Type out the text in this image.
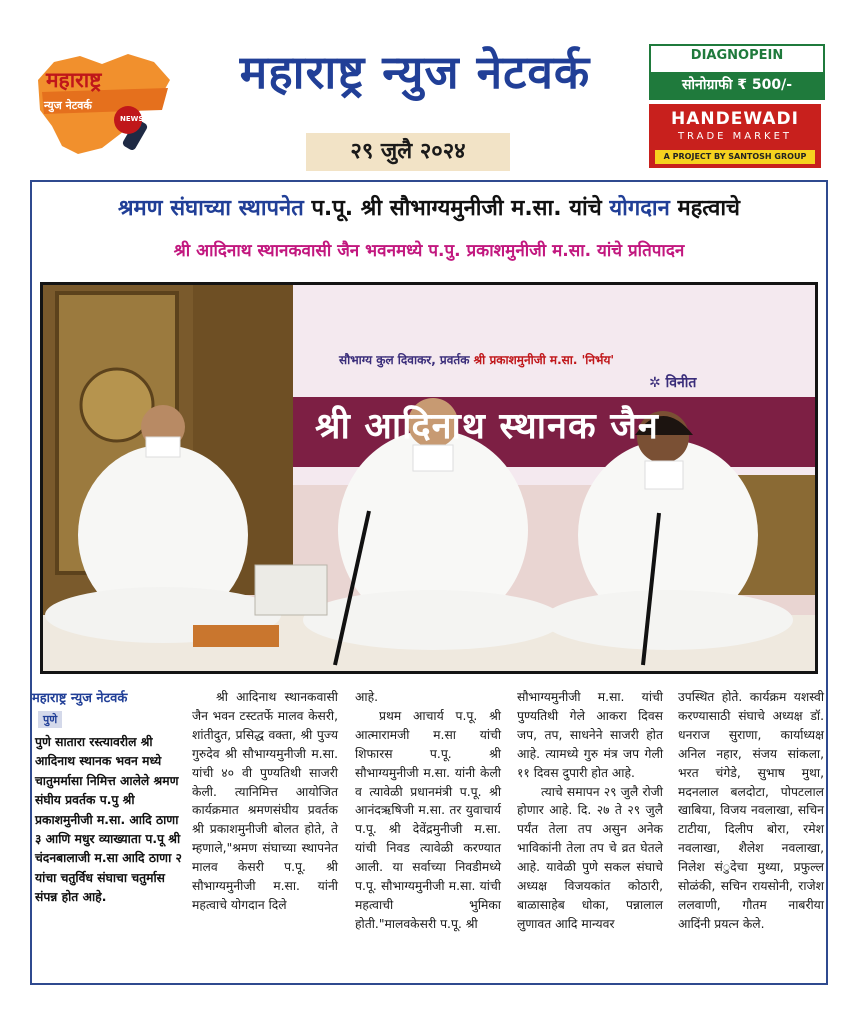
महाराष्ट्र
न्युज नेटवर्क
NEWS
महाराष्ट्र न्युज नेटवर्क
२९ जुलै २०२४
DIAGNOPEIN
सोनोग्राफी ₹ 500/-
HANDEWADI
TRADE MARKET
A PROJECT BY SANTOSH GROUP
श्रमण संघाच्या स्थापनेत प.पू. श्री सौभाग्यमुनीजी म.सा. यांचे योगदान महत्वाचे
श्री आदिनाथ स्थानकवासी जैन भवनमध्ये प.पु. प्रकाशमुनीजी म.सा. यांचे प्रतिपादन
सौभाग्य कुल दिवाकर, प्रवर्तक श्री प्रकाशमुनीजी म.सा. 'निर्भय'
✲ विनीत
श्री आदिनाथ स्थानक जैन
महाराष्ट्र न्युज नेटवर्क
पुणे
पुणे सातारा रस्त्यावरील श्री आदिनाथ स्थानक भवन मध्ये चातुमर्मासा निमित्त आलेले श्रमण संघीय प्रवर्तक प.पु श्री प्रकाशमुनीजी म.सा. आदि ठाणा ३ आणि मधुर व्याख्याता प.पू श्री चंदनबालाजी म.सा आदि ठाणा २ यांचा चतुर्विध संघाचा चतुर्मास संपन्न होत आहे.

श्री आदिनाथ स्थानकवासी जैन भवन टस्टतर्फे मालव केसरी, शांतीदुत, प्रसिद्ध वक्ता, श्री पुज्य गुरुदेव श्री सौभाग्यमुनीजी म.सा. यांची ४० वी पुण्यतिथी साजरी केली. त्यानिमित्त आयोजित कार्यक्रमात श्रमणसंघीय प्रवर्तक श्री प्रकाशमुनीजी बोलत होते, ते म्हणाले,"श्रमण संघाच्या स्थापनेत मालव केसरी प.पू. श्री सौभाग्यमुनीजी म.सा. यांनी महत्वाचे योगदान दिले

आहे.

प्रथम आचार्य प.पू. श्री आत्मारामजी म.सा यांची शिफारस प.पू. श्री सौभाग्यमुनीजी म.सा. यांनी केली व त्यावेळी प्रधानमंत्री प.पू. श्री आनंदऋषिजी म.सा. तर युवाचार्य प.पू. श्री देवेंद्रमुनीजी म.सा. यांची निवड त्यावेळी करण्यात आली. या सर्वाच्या निवडीमध्ये प.पू. सौभाग्यमुनीजी म.सा. यांची महत्वाची भुमिका होती."मालवकेसरी प.पू. श्री

सौभाग्यमुनीजी म.सा. यांची पुण्यतिथी गेले आकरा दिवस जप, तप, साधनेने साजरी होत आहे. त्यामध्ये गुरु मंत्र जप गेली ११ दिवस दुपारी होत आहे.

त्याचे समापन २९ जुलै रोजी होणार आहे. दि. २७ ते २९ जुलै पर्यंत तेला तप असुन अनेक भाविकांनी तेला तप चे व्रत घेतले आहे. यावेळी पुणे सकल संघाचे अध्यक्ष विजयकांत कोठारी, बाळासाहेब धोका, पन्नालाल लुणावत आदि मान्यवर

उपस्थित होते. कार्यक्रम यशस्वी करण्यासाठी संघाचे अध्यक्ष डॉ. धनराज सुराणा, कार्याध्यक्ष अनिल नहार, संजय सांकला, भरत चंगेडे, सुभाष मुथा, मदनलाल बलदोटा, पोपटलाल खाबिया, विजय नवलाखा, सचिन टाटीया, दिलीप बोरा, रमेश नवलाखा, शैलेश नवलाखा, निलेश संुदेचा मुथ्या, प्रफुल्ल सोळंकी, सचिन रायसोनी, राजेश ललवाणी, गौतम नाबरीया आदिंनी प्रयत्न केले.
